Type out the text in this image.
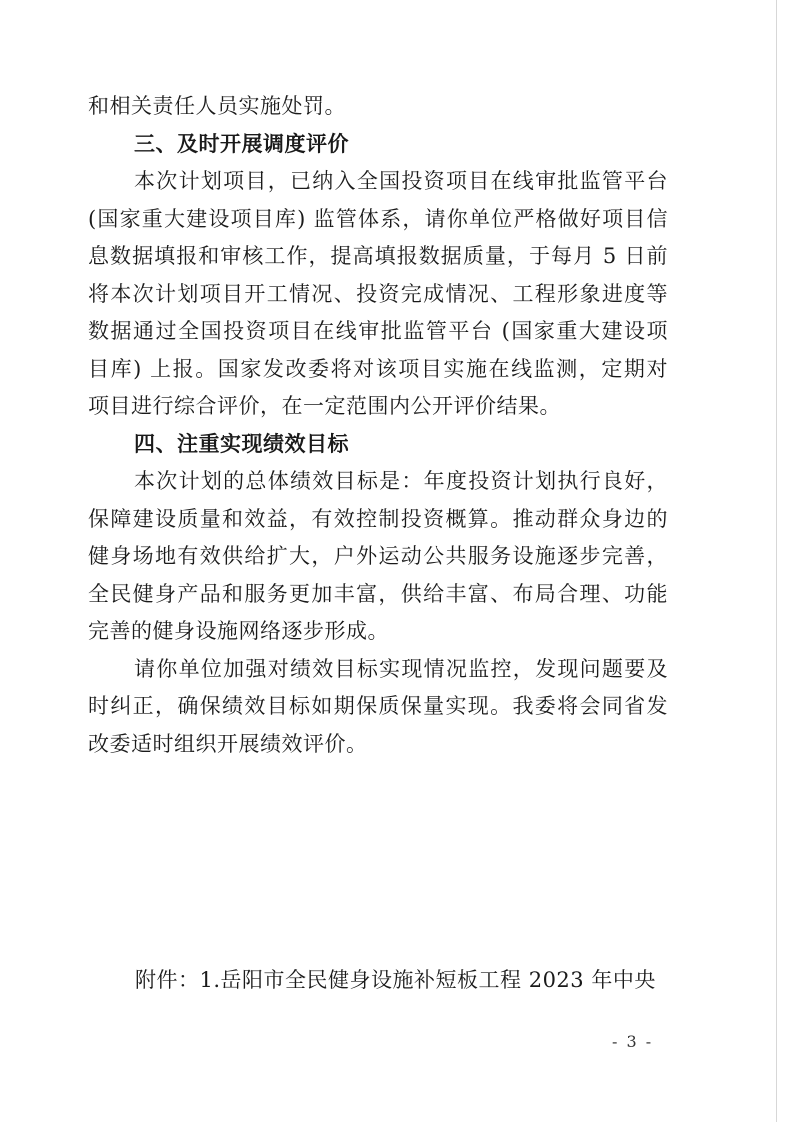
和相关责任人员实施处罚。
三、及时开展调度评价
本次计划项目，已纳入全国投资项目在线审批监管平台
(国家重大建设项目库) 监管体系，请你单位严格做好项目信
息数据填报和审核工作，提高填报数据质量，于每月 5 日前
将本次计划项目开工情况、投资完成情况、工程形象进度等
数据通过全国投资项目在线审批监管平台 (国家重大建设项
目库) 上报。国家发改委将对该项目实施在线监测，定期对
项目进行综合评价，在一定范围内公开评价结果。
四、注重实现绩效目标
本次计划的总体绩效目标是：年度投资计划执行良好，
保障建设质量和效益，有效控制投资概算。推动群众身边的
健身场地有效供给扩大，户外运动公共服务设施逐步完善，
全民健身产品和服务更加丰富，供给丰富、布局合理、功能
完善的健身设施网络逐步形成。
请你单位加强对绩效目标实现情况监控，发现问题要及
时纠正，确保绩效目标如期保质保量实现。我委将会同省发
改委适时组织开展绩效评价。
附件：1.岳阳市全民健身设施补短板工程 2023 年中央
- 3 -
